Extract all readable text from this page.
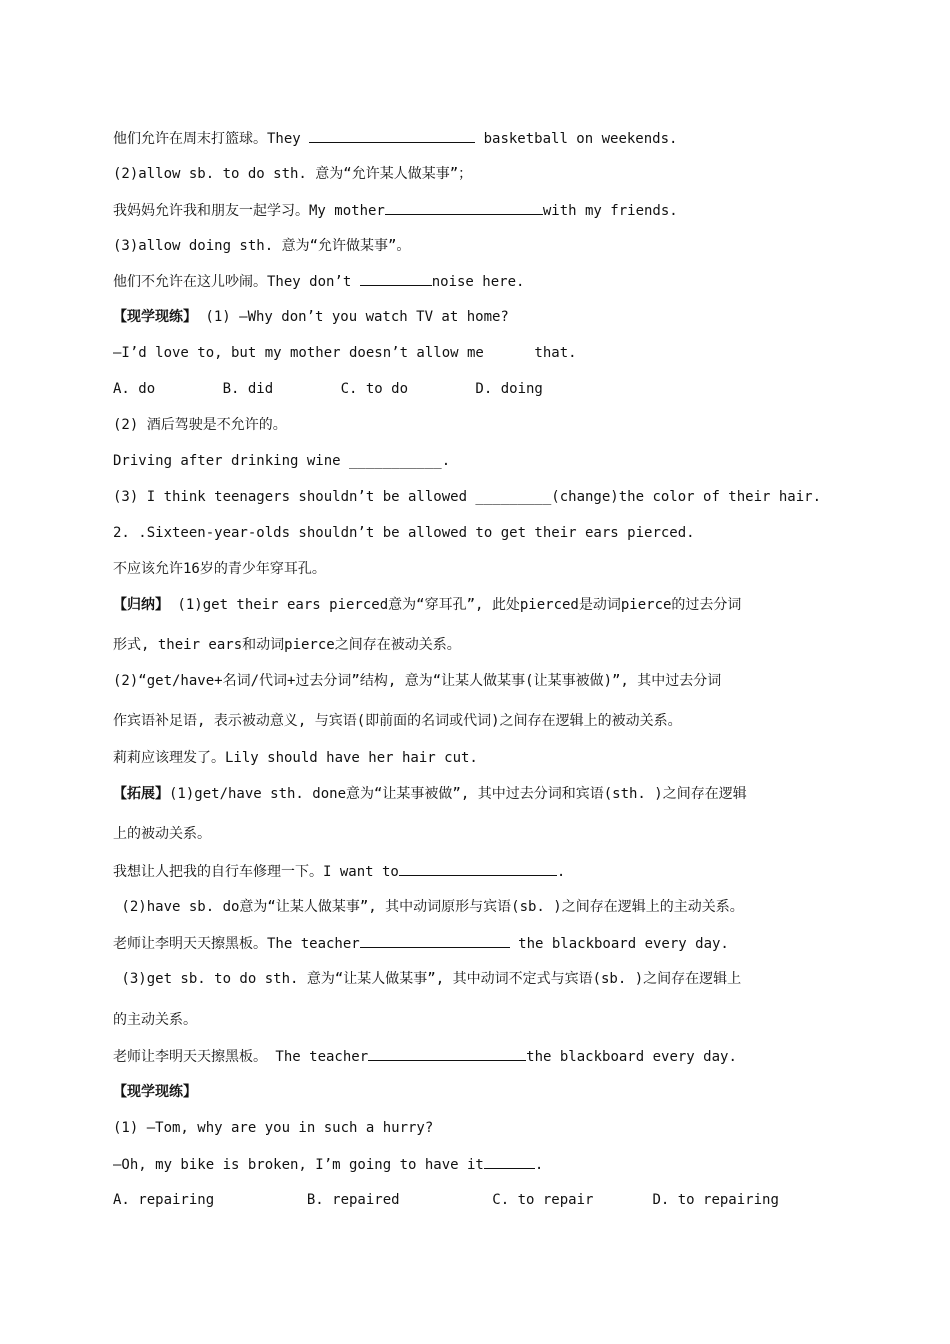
他们允许在周末打篮球。They	basketball on weekends.
(2)allow sb. to do sth. 意为“允许某人做某事”；
我妈妈允许我和朋友一起学习。My mother	with my friends.
(3)allow doing sth. 意为“允许做某事”。
他们不允许在这儿吵闹。They don’t	noise here.
【现学现练】 (1) —Why don’t you watch TV at home?
—I’d love to, but my mother doesn’t allow me      that.
A. do        B. did        C. to do        D. doing
(2) 酒后驾驶是不允许的。
Driving after drinking wine ___________.
(3) I think teenagers shouldn’t be allowed _________(change)the color of their hair.
2. .Sixteen-year-olds shouldn’t be allowed to get their ears pierced.
不应该允许16岁的青少年穿耳孔。
【归纳】 (1)get their ears pierced意为“穿耳孔”, 此处pierced是动词pierce的过去分词
形式, their ears和动词pierce之间存在被动关系。
(2)“get/have+名词/代词+过去分词”结构, 意为“让某人做某事(让某事被做)”, 其中过去分词
作宾语补足语, 表示被动意义, 与宾语(即前面的名词或代词)之间存在逻辑上的被动关系。
莉莉应该理发了。Lily should have her hair cut.
【拓展】(1)get/have sth. done意为“让某事被做”, 其中过去分词和宾语(sth. )之间存在逻辑
上的被动关系。
我想让人把我的自行车修理一下。I want to	.
(2)have sb. do意为“让某人做某事”, 其中动词原形与宾语(sb. )之间存在逻辑上的主动关系。
老师让李明天天擦黑板。The teacher	the blackboard every day.
(3)get sb. to do sth. 意为“让某人做某事”, 其中动词不定式与宾语(sb. )之间存在逻辑上
的主动关系。
老师让李明天天擦黑板。 The teacher	the blackboard every day.
【现学现练】
(1) —Tom, why are you in such a hurry?
—Oh, my bike is broken, I’m going to have it	.
A. repairing           B. repaired           C. to repair       D. to repairing
